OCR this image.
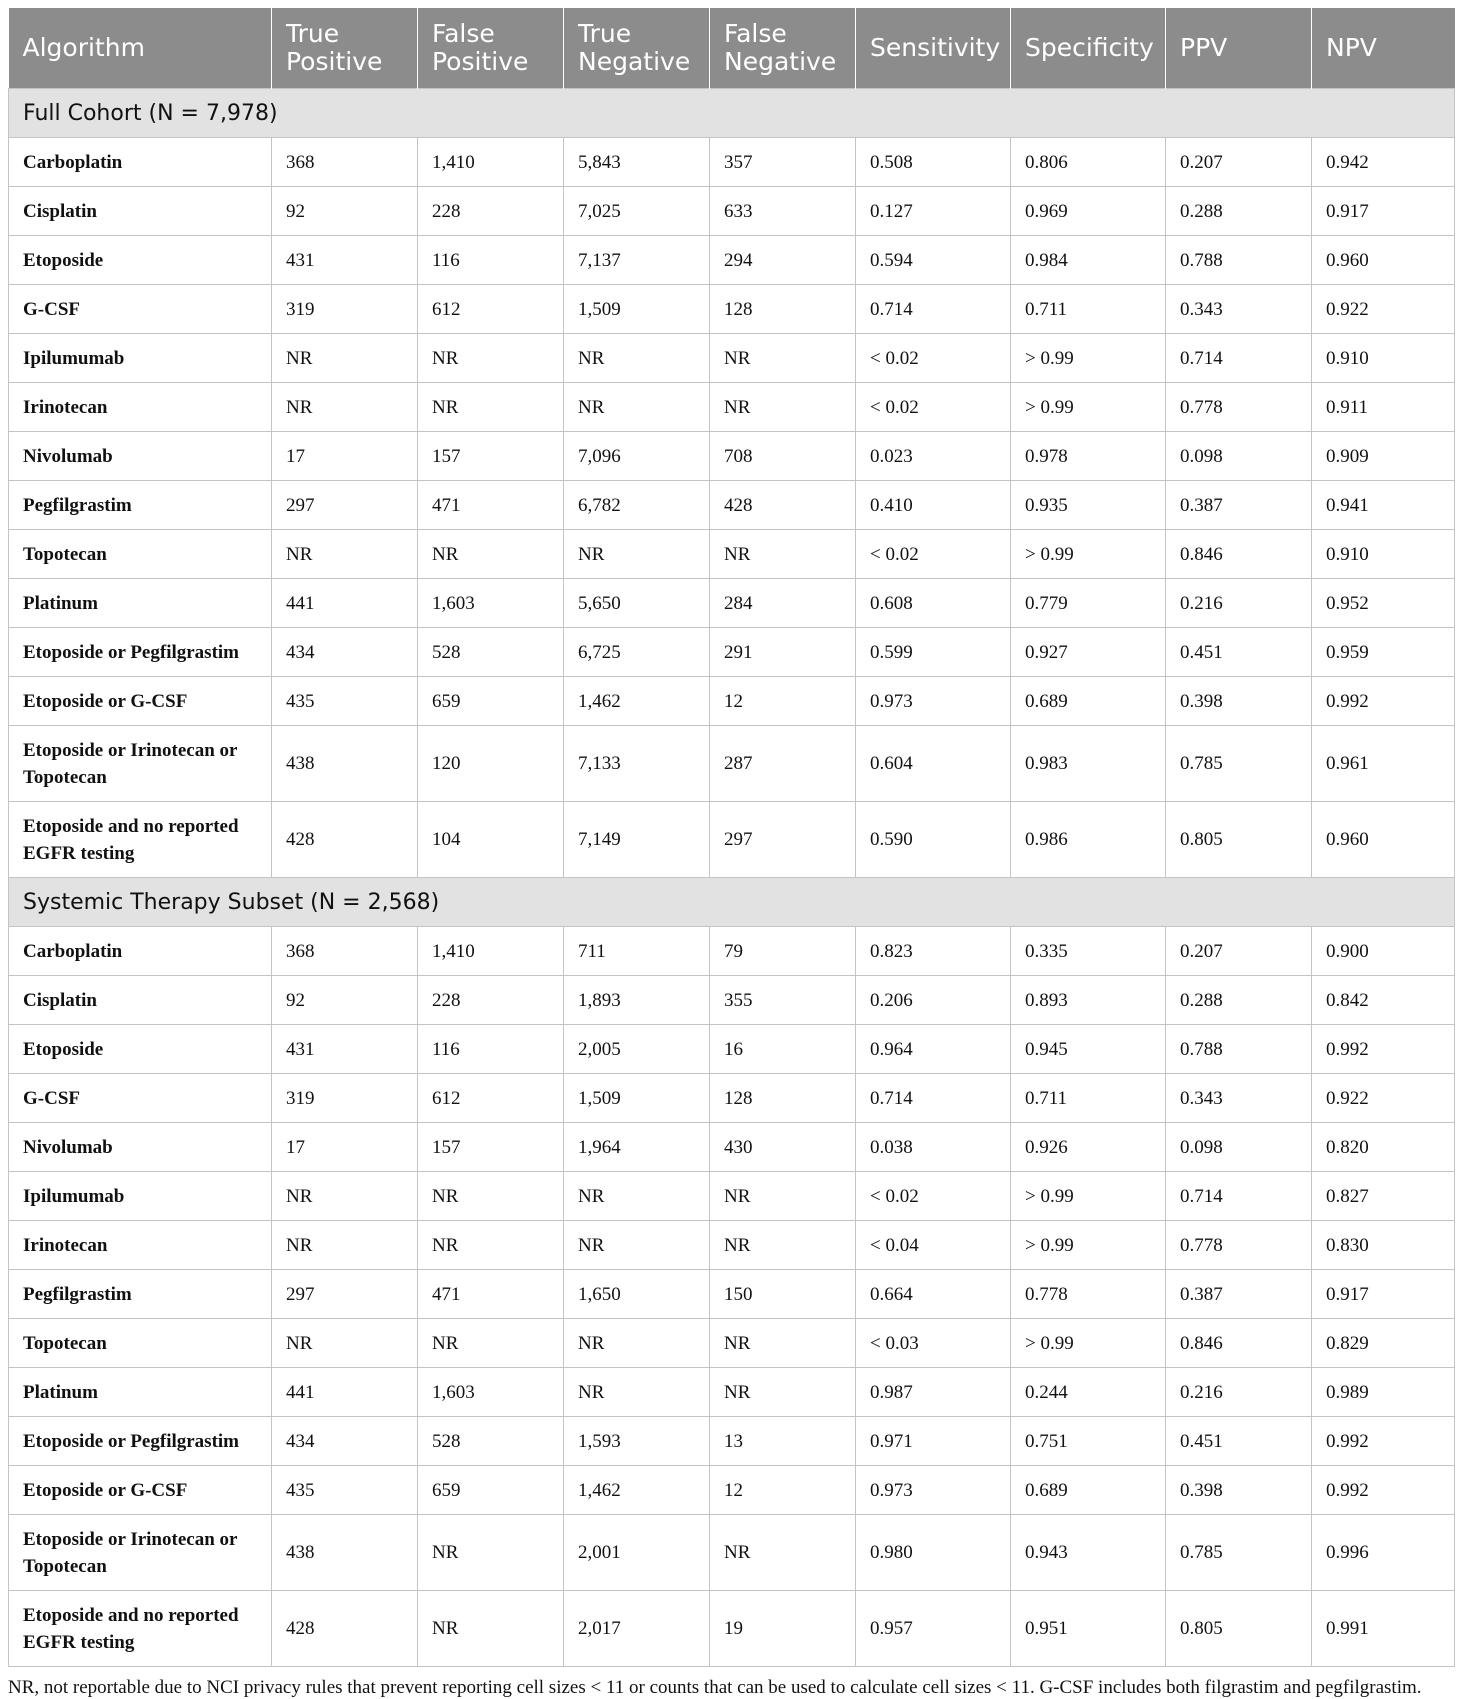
Algorithm	True Positive	False Positive	True Negative	False Negative	Sensitivity	Specificity	PPV	NPV
Full Cohort (N = 7,978)								
Carboplatin	368	1,410	5,843	357	0.508	0.806	0.207	0.942
Cisplatin	92	228	7,025	633	0.127	0.969	0.288	0.917
Etoposide	431	116	7,137	294	0.594	0.984	0.788	0.960
G-CSF	319	612	1,509	128	0.714	0.711	0.343	0.922
Ipilumumab	NR	NR	NR	NR	< 0.02	> 0.99	0.714	0.910
Irinotecan	NR	NR	NR	NR	< 0.02	> 0.99	0.778	0.911
Nivolumab	17	157	7,096	708	0.023	0.978	0.098	0.909
Pegfilgrastim	297	471	6,782	428	0.410	0.935	0.387	0.941
Topotecan	NR	NR	NR	NR	< 0.02	> 0.99	0.846	0.910
Platinum	441	1,603	5,650	284	0.608	0.779	0.216	0.952
Etoposide or Pegfilgrastim	434	528	6,725	291	0.599	0.927	0.451	0.959
Etoposide or G-CSF	435	659	1,462	12	0.973	0.689	0.398	0.992
Etoposide or Irinotecan or Topotecan	438	120	7,133	287	0.604	0.983	0.785	0.961
Etoposide and no reported EGFR testing	428	104	7,149	297	0.590	0.986	0.805	0.960
Systemic Therapy Subset (N = 2,568)								
Carboplatin	368	1,410	711	79	0.823	0.335	0.207	0.900
Cisplatin	92	228	1,893	355	0.206	0.893	0.288	0.842
Etoposide	431	116	2,005	16	0.964	0.945	0.788	0.992
G-CSF	319	612	1,509	128	0.714	0.711	0.343	0.922
Nivolumab	17	157	1,964	430	0.038	0.926	0.098	0.820
Ipilumumab	NR	NR	NR	NR	< 0.02	> 0.99	0.714	0.827
Irinotecan	NR	NR	NR	NR	< 0.04	> 0.99	0.778	0.830
Pegfilgrastim	297	471	1,650	150	0.664	0.778	0.387	0.917
Topotecan	NR	NR	NR	NR	< 0.03	> 0.99	0.846	0.829
Platinum	441	1,603	NR	NR	0.987	0.244	0.216	0.989
Etoposide or Pegfilgrastim	434	528	1,593	13	0.971	0.751	0.451	0.992
Etoposide or G-CSF	435	659	1,462	12	0.973	0.689	0.398	0.992
Etoposide or Irinotecan or Topotecan	438	NR	2,001	NR	0.980	0.943	0.785	0.996
Etoposide and no reported EGFR testing	428	NR	2,017	19	0.957	0.951	0.805	0.991
NR, not reportable due to NCI privacy rules that prevent reporting cell sizes < 11 or counts that can be used to calculate cell sizes < 11. G-CSF includes both filgrastim and pegfilgrastim.
